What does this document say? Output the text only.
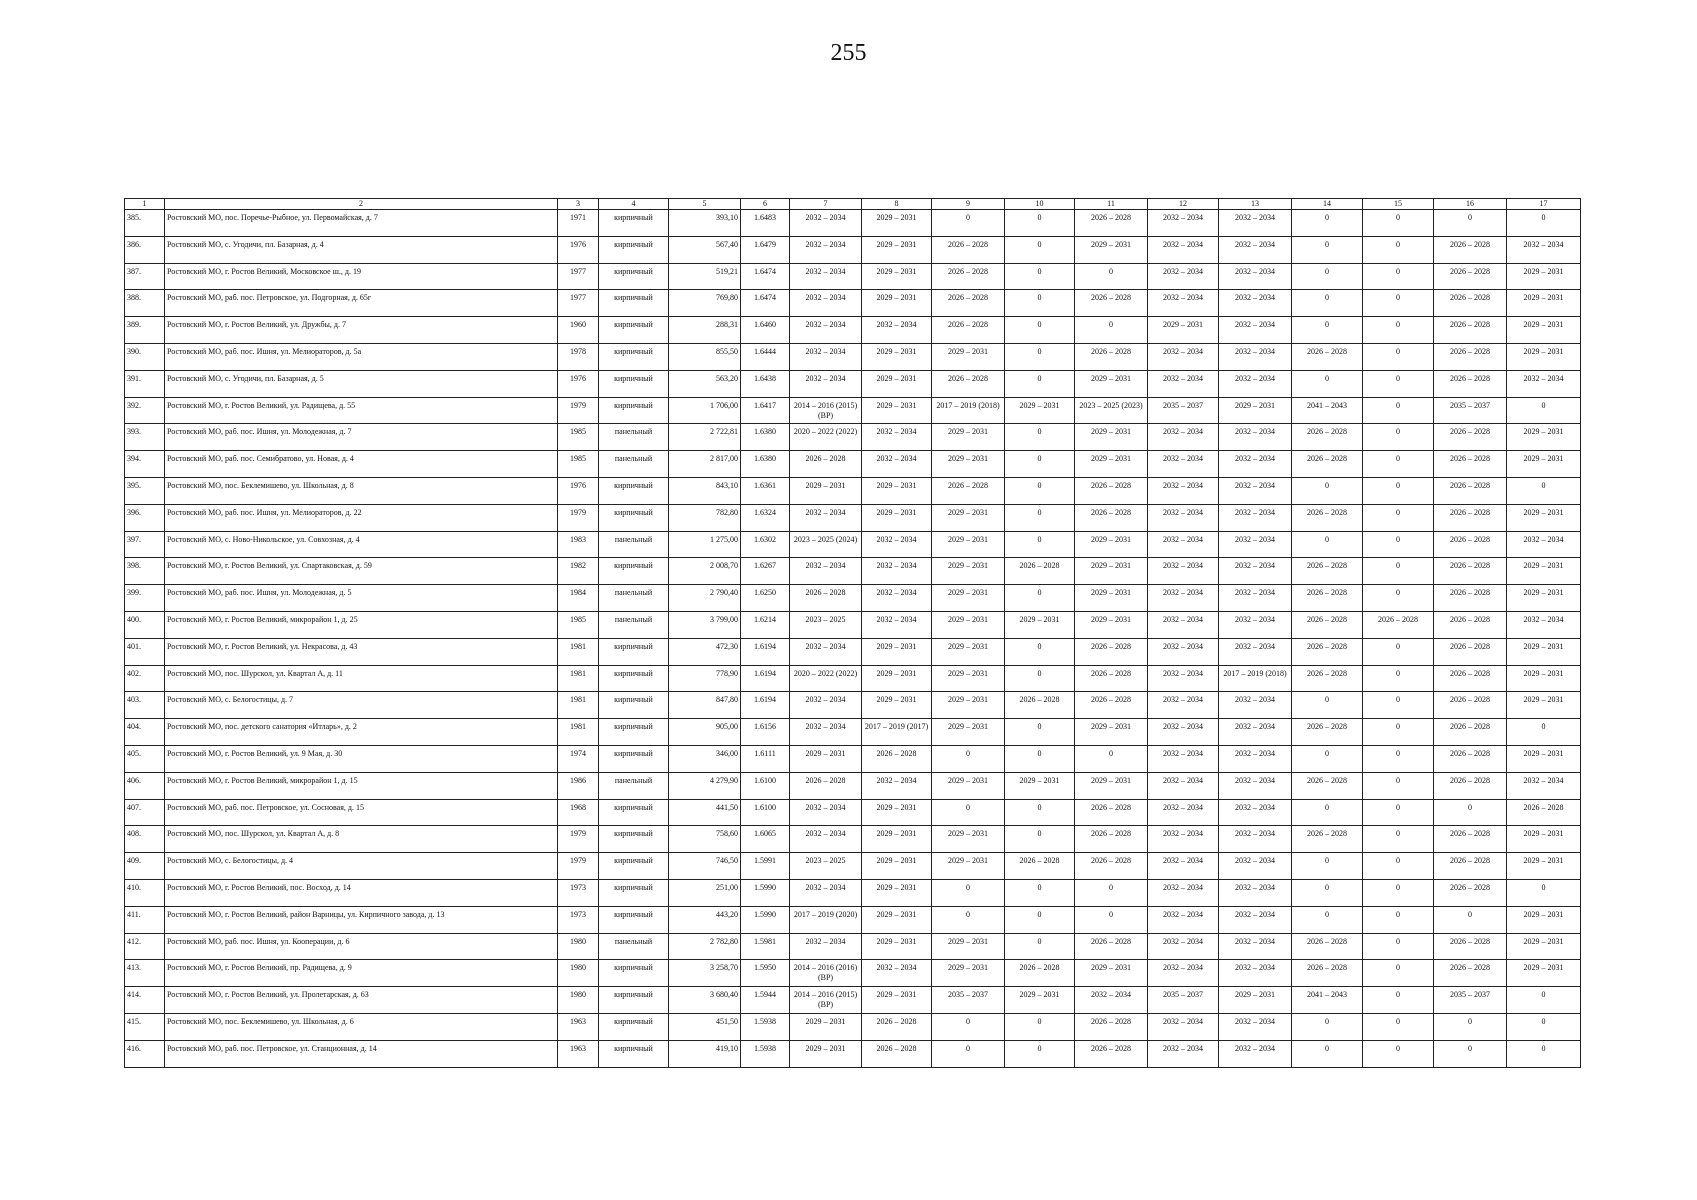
255
1	2	3	4	5	6	7	8	9	10	11	12	13	14	15	16	17
385.	Ростовский МО, пос. Поречье-Рыбное, ул. Первомайская, д. 7	1971	кирпичный	393,10	1.6483	2032 – 2034	2029 – 2031	0	0	2026 – 2028	2032 – 2034	2032 – 2034	0	0	0	0
386.	Ростовский МО, с. Угодичи, пл. Базарная, д. 4	1976	кирпичный	567,40	1.6479	2032 – 2034	2029 – 2031	2026 – 2028	0	2029 – 2031	2032 – 2034	2032 – 2034	0	0	2026 – 2028	2032 – 2034
387.	Ростовский МО, г. Ростов Великий, Московское ш., д. 19	1977	кирпичный	519,21	1.6474	2032 – 2034	2029 – 2031	2026 – 2028	0	0	2032 – 2034	2032 – 2034	0	0	2026 – 2028	2029 – 2031
388.	Ростовский МО, раб. пос. Петровское, ул. Подгорная, д. 65г	1977	кирпичный	769,80	1.6474	2032 – 2034	2029 – 2031	2026 – 2028	0	2026 – 2028	2032 – 2034	2032 – 2034	0	0	2026 – 2028	2029 – 2031
389.	Ростовский МО, г. Ростов Великий, ул. Дружбы, д. 7	1960	кирпичный	288,31	1.6460	2032 – 2034	2032 – 2034	2026 – 2028	0	0	2029 – 2031	2032 – 2034	0	0	2026 – 2028	2029 – 2031
390.	Ростовский МО, раб. пос. Ишня, ул. Мелиораторов, д. 5а	1978	кирпичный	855,50	1.6444	2032 – 2034	2029 – 2031	2029 – 2031	0	2026 – 2028	2032 – 2034	2032 – 2034	2026 – 2028	0	2026 – 2028	2029 – 2031
391.	Ростовский МО, с. Угодичи, пл. Базарная, д. 5	1976	кирпичный	563,20	1.6438	2032 – 2034	2029 – 2031	2026 – 2028	0	2029 – 2031	2032 – 2034	2032 – 2034	0	0	2026 – 2028	2032 – 2034
392.	Ростовский МО, г. Ростов Великий, ул. Радищева, д. 55	1979	кирпичный	1 706,00	1.6417	2014 – 2016 (2015) (ВР)	2029 – 2031	2017 – 2019 (2018)	2029 – 2031	2023 – 2025 (2023)	2035 – 2037	2029 – 2031	2041 – 2043	0	2035 – 2037	0
393.	Ростовский МО, раб. пос. Ишня, ул. Молодежная, д. 7	1985	панельный	2 722,81	1.6380	2020 – 2022 (2022)	2032 – 2034	2029 – 2031	0	2029 – 2031	2032 – 2034	2032 – 2034	2026 – 2028	0	2026 – 2028	2029 – 2031
394.	Ростовский МО, раб. пос. Семибратово, ул. Новая, д. 4	1985	панельный	2 817,00	1.6380	2026 – 2028	2032 – 2034	2029 – 2031	0	2029 – 2031	2032 – 2034	2032 – 2034	2026 – 2028	0	2026 – 2028	2029 – 2031
395.	Ростовский МО, пос. Беклемишево, ул. Школьная, д. 8	1976	кирпичный	843,10	1.6361	2029 – 2031	2029 – 2031	2026 – 2028	0	2026 – 2028	2032 – 2034	2032 – 2034	0	0	2026 – 2028	0
396.	Ростовский МО, раб. пос. Ишня, ул. Мелиораторов, д. 22	1979	кирпичный	782,80	1.6324	2032 – 2034	2029 – 2031	2029 – 2031	0	2026 – 2028	2032 – 2034	2032 – 2034	2026 – 2028	0	2026 – 2028	2029 – 2031
397.	Ростовский МО, с. Ново-Никольское, ул. Совхозная, д. 4	1983	панельный	1 275,00	1.6302	2023 – 2025 (2024)	2032 – 2034	2029 – 2031	0	2029 – 2031	2032 – 2034	2032 – 2034	0	0	2026 – 2028	2032 – 2034
398.	Ростовский МО, г. Ростов Великий, ул. Спартаковская, д. 59	1982	кирпичный	2 008,70	1.6267	2032 – 2034	2032 – 2034	2029 – 2031	2026 – 2028	2029 – 2031	2032 – 2034	2032 – 2034	2026 – 2028	0	2026 – 2028	2029 – 2031
399.	Ростовский МО, раб. пос. Ишня, ул. Молодежная, д. 5	1984	панельный	2 790,40	1.6250	2026 – 2028	2032 – 2034	2029 – 2031	0	2029 – 2031	2032 – 2034	2032 – 2034	2026 – 2028	0	2026 – 2028	2029 – 2031
400.	Ростовский МО, г. Ростов Великий, микрорайон 1, д. 25	1985	панельный	3 799,00	1.6214	2023 – 2025	2032 – 2034	2029 – 2031	2029 – 2031	2029 – 2031	2032 – 2034	2032 – 2034	2026 – 2028	2026 – 2028	2026 – 2028	2032 – 2034
401.	Ростовский МО, г. Ростов Великий, ул. Некрасова, д. 43	1981	кирпичный	472,30	1.6194	2032 – 2034	2029 – 2031	2029 – 2031	0	2026 – 2028	2032 – 2034	2032 – 2034	2026 – 2028	0	2026 – 2028	2029 – 2031
402.	Ростовский МО, пос. Шурскол, ул. Квартал А, д. 11	1981	кирпичный	778,90	1.6194	2020 – 2022 (2022)	2029 – 2031	2029 – 2031	0	2026 – 2028	2032 – 2034	2017 – 2019 (2018)	2026 – 2028	0	2026 – 2028	2029 – 2031
403.	Ростовский МО, с. Белогостицы, д. 7	1981	кирпичный	847,80	1.6194	2032 – 2034	2029 – 2031	2029 – 2031	2026 – 2028	2026 – 2028	2032 – 2034	2032 – 2034	0	0	2026 – 2028	2029 – 2031
404.	Ростовский МО, пос. детского санатория «Итларь», д. 2	1981	кирпичный	905,00	1.6156	2032 – 2034	2017 – 2019 (2017)	2029 – 2031	0	2029 – 2031	2032 – 2034	2032 – 2034	2026 – 2028	0	2026 – 2028	0
405.	Ростовский МО, г. Ростов Великий, ул. 9 Мая, д. 30	1974	кирпичный	346,00	1.6111	2029 – 2031	2026 – 2028	0	0	0	2032 – 2034	2032 – 2034	0	0	2026 – 2028	2029 – 2031
406.	Ростовский МО, г. Ростов Великий, микрорайон 1, д. 15	1986	панельный	4 279,90	1.6100	2026 – 2028	2032 – 2034	2029 – 2031	2029 – 2031	2029 – 2031	2032 – 2034	2032 – 2034	2026 – 2028	0	2026 – 2028	2032 – 2034
407.	Ростовский МО, раб. пос. Петровское, ул. Сосновая, д. 15	1968	кирпичный	441,50	1.6100	2032 – 2034	2029 – 2031	0	0	2026 – 2028	2032 – 2034	2032 – 2034	0	0	0	2026 – 2028
408.	Ростовский МО, пос. Шурскол, ул. Квартал А, д. 8	1979	кирпичный	758,60	1.6065	2032 – 2034	2029 – 2031	2029 – 2031	0	2026 – 2028	2032 – 2034	2032 – 2034	2026 – 2028	0	2026 – 2028	2029 – 2031
409.	Ростовский МО, с. Белогостицы, д. 4	1979	кирпичный	746,50	1.5991	2023 – 2025	2029 – 2031	2029 – 2031	2026 – 2028	2026 – 2028	2032 – 2034	2032 – 2034	0	0	2026 – 2028	2029 – 2031
410.	Ростовский МО, г. Ростов Великий, пос. Восход, д. 14	1973	кирпичный	251,00	1.5990	2032 – 2034	2029 – 2031	0	0	0	2032 – 2034	2032 – 2034	0	0	2026 – 2028	0
411.	Ростовский МО, г. Ростов Великий, район Варницы, ул. Кирпичного завода, д. 13	1973	кирпичный	443,20	1.5990	2017 – 2019 (2020)	2029 – 2031	0	0	0	2032 – 2034	2032 – 2034	0	0	0	2029 – 2031
412.	Ростовский МО, раб. пос. Ишня, ул. Кооперации, д. 6	1980	панельный	2 782,80	1.5981	2032 – 2034	2029 – 2031	2029 – 2031	0	2026 – 2028	2032 – 2034	2032 – 2034	2026 – 2028	0	2026 – 2028	2029 – 2031
413.	Ростовский МО, г. Ростов Великий, пр. Радищева, д. 9	1980	кирпичный	3 258,70	1.5950	2014 – 2016 (2016) (ВР)	2032 – 2034	2029 – 2031	2026 – 2028	2029 – 2031	2032 – 2034	2032 – 2034	2026 – 2028	0	2026 – 2028	2029 – 2031
414.	Ростовский МО, г. Ростов Великий, ул. Пролетарская, д. 63	1980	кирпичный	3 680,40	1.5944	2014 – 2016 (2015) (ВР)	2029 – 2031	2035 – 2037	2029 – 2031	2032 – 2034	2035 – 2037	2029 – 2031	2041 – 2043	0	2035 – 2037	0
415.	Ростовский МО, пос. Беклемишево, ул. Школьная, д. 6	1963	кирпичный	451,50	1.5938	2029 – 2031	2026 – 2028	0	0	2026 – 2028	2032 – 2034	2032 – 2034	0	0	0	0
416.	Ростовский МО, раб. пос. Петровское, ул. Станционная, д. 14	1963	кирпичный	419,10	1.5938	2029 – 2031	2026 – 2028	0	0	2026 – 2028	2032 – 2034	2032 – 2034	0	0	0	0
